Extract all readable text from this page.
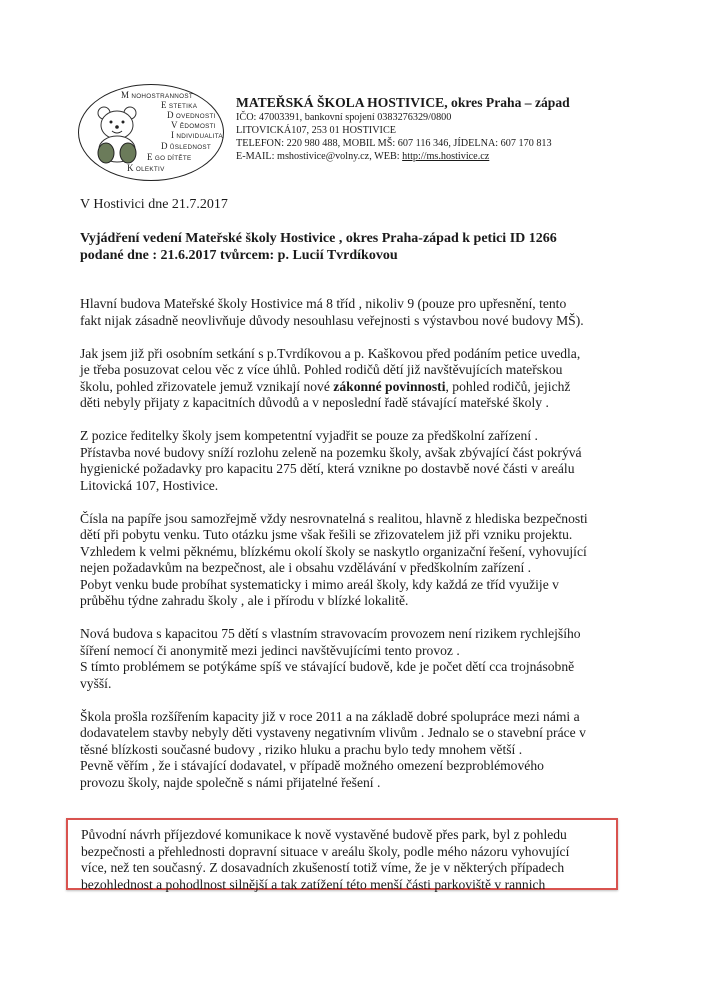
M NOHOSTRANNOST
E STETIKA
D OVEDNOSTI
V ĚDOMOSTI
I NDIVIDUALITA
D ŮSLEDNOST
E GO DÍTĚTE
K OLEKTIV
MATEŘSKÁ ŠKOLA HOSTIVICE, okres Praha – západ
IČO: 47003391, bankovní spojení 0383276329/0800
LITOVICKÁ107, 253 01 HOSTIVICE
TELEFON: 220 980 488, MOBIL MŠ: 607 116 346, JÍDELNA: 607 170 813
E-MAIL: mshostivice@volny.cz, WEB: http://ms.hostivice.cz
V Hostivici dne 21.7.2017
Vyjádření vedení Mateřské školy Hostivice , okres Praha-západ k petici ID 1266
podané dne : 21.6.2017 tvůrcem: p. Lucií Tvrdíkovou
Hlavní budova Mateřské školy Hostivice má 8 tříd , nikoliv 9 (pouze pro upřesnění, tento
fakt nijak zásadně neovlivňuje důvody nesouhlasu veřejnosti s výstavbou nové budovy MŠ).
Jak jsem již při osobním setkání s p.Tvrdíkovou a p. Kaškovou před podáním petice uvedla,
je třeba posuzovat celou věc z více úhlů. Pohled rodičů dětí již navštěvujících mateřskou
školu, pohled zřizovatele jemuž vznikají nové zákonné povinnosti, pohled rodičů, jejichž
děti nebyly přijaty z kapacitních důvodů a v neposlední řadě stávající mateřské školy .
Z pozice ředitelky školy jsem kompetentní vyjadřit se pouze za předškolní zařízení .
Přístavba nové budovy sníží rozlohu zeleně na pozemku školy, avšak zbývající část pokrývá
hygienické požadavky pro kapacitu 275 dětí, která vznikne po dostavbě nové části v areálu
Litovická 107, Hostivice.
Čísla na papíře jsou samozřejmě vždy nesrovnatelná s realitou, hlavně z hlediska bezpečnosti
dětí při pobytu venku. Tuto otázku jsme však řešili se zřizovatelem již při vzniku projektu.
Vzhledem k velmi pěknému, blízkému okolí školy se naskytlo organizační řešení, vyhovující
nejen požadavkům na bezpečnost, ale i obsahu vzdělávání v předškolním zařízení .
Pobyt venku bude probíhat systematicky i mimo areál školy, kdy každá ze tříd využije v
průběhu týdne zahradu školy , ale i přírodu v blízké lokalitě.
Nová budova s kapacitou 75 dětí s vlastním stravovacím provozem není rizikem rychlejšího
šíření nemocí či anonymitě mezi jedinci navštěvujícími tento provoz .
S tímto problémem se potýkáme spíš ve stávající budově, kde je počet dětí cca trojnásobně
vyšší.
Škola prošla rozšířením kapacity již v roce 2011 a na základě dobré spolupráce mezi námi a
dodavatelem stavby nebyly děti vystaveny negativním vlivům . Jednalo se o stavební práce v
těsné blízkosti současné budovy , riziko hluku a prachu bylo tedy mnohem větší .
Pevně věřím , že i stávající dodavatel, v případě možného omezení bezproblémového
provozu školy, najde společně s námi přijatelné řešení .
Původní návrh příjezdové komunikace k nově vystavěné budově přes park, byl z pohledu
bezpečnosti a přehlednosti dopravní situace v areálu školy, podle mého názoru vyhovující
více, než ten současný. Z dosavadních zkušeností totiž víme, že je v některých případech
bezohlednost a pohodlnost silnější a tak zatížení této menší části parkoviště v rannich
